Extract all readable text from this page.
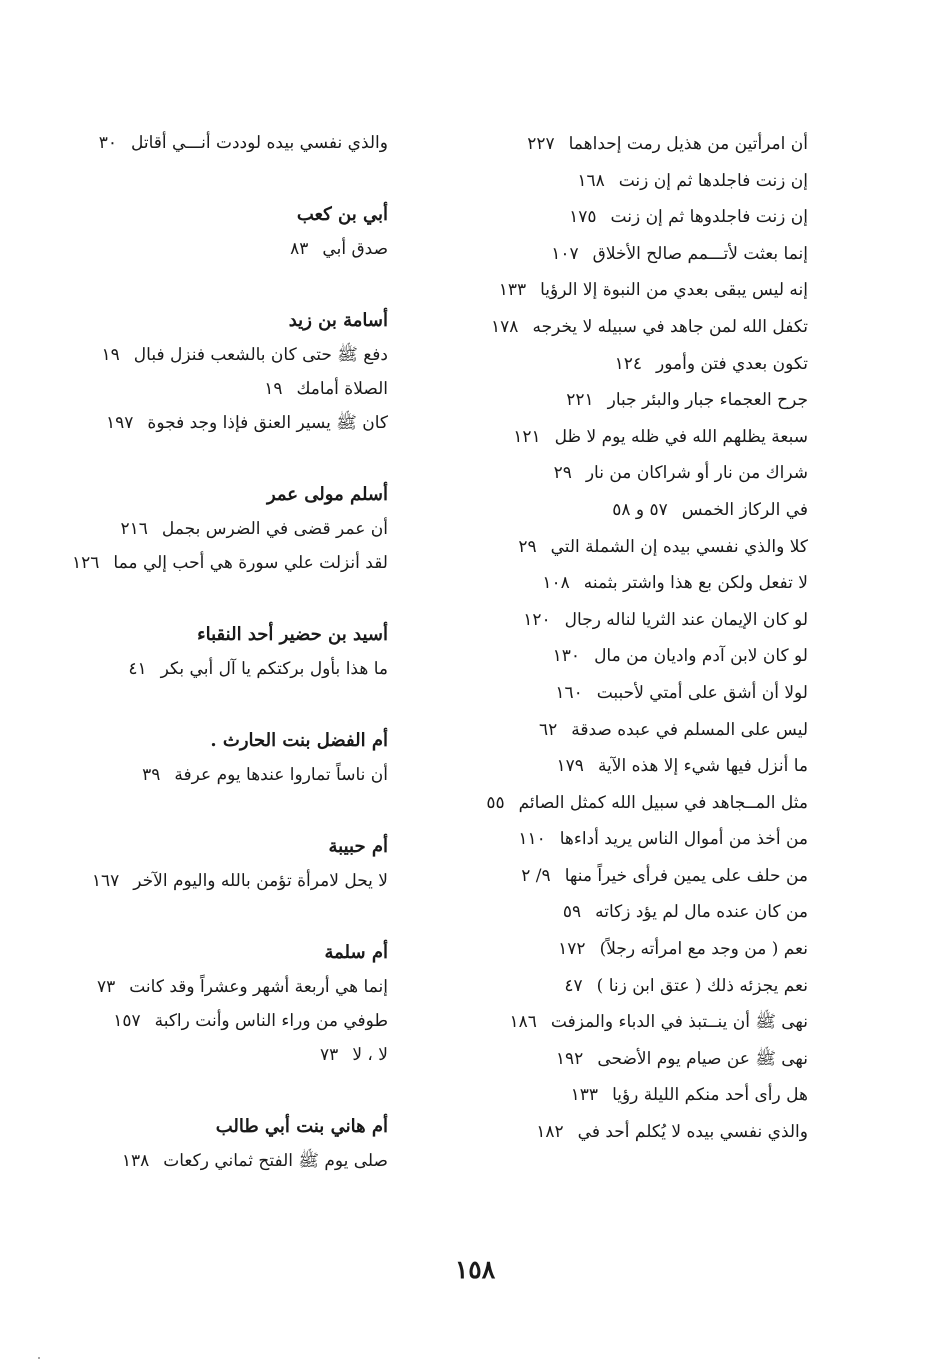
أن امرأتين من هذيل رمت إحداهما٢٢٧
إن زنت فاجلدها ثم إن زنت١٦٨
إن زنت فاجلدوها ثم إن زنت١٧٥
إنما بعثت لأتـــمم صالح الأخلاق١٠٧
إنه ليس يبقى بعدي من النبوة إلا الرؤيا١٣٣
تكفل الله لمن جاهد في سبيله لا يخرجه١٧٨
تكون بعدي فتن وأمور١٢٤
جرح العجماء جبار والبئر جبار٢٢١
سبعة يظلهم الله في ظله يوم لا ظل١٢١
شراك من نار أو شراكان من نار٢٩
في الركاز الخمس٥٧ و ٥٨
كلا والذي نفسي بيده إن الشملة التي٢٩
لا تفعل ولكن بع هذا واشتر بثمنه١٠٨
لو كان الإيمان عند الثريا لناله رجال١٢٠
لو كان لابن آدم واديان من مال١٣٠
لولا أن أشق على أمتي لأحببت١٦٠
ليس على المسلم في عبده صدقة٦٢
ما أنزل فيها شيء إلا هذه الآية١٧٩
مثل المــجاهد في سبيل الله كمثل الصائم٥٥
من أخذ من أموال الناس يريد أداءها١١٠
من حلف على يمين فرأى خيراً منها٩/ ٢
من كان عنده مال لم يؤد زكاته٥٩
نعم ( من وجد مع امرأته رجلاً)١٧٢
نعم يجزئه ذلك ( عتق ابن زنا )٤٧
نهى ﷺ أن ينــتبذ في الدباء والمزفت١٨٦
نهى ﷺ عن صيام يوم الأضحى١٩٢
هل رأى أحد منكم الليلة رؤيا١٣٣
والذي نفسي بيده لا يُكلم أحد في١٨٢
والذي نفسي بيده لوددت أنـــي أقاتل٣٠
أبي بن كعب
صدق أبي٨٣
أسامة بن زيد
دفع ﷺ حتى كان بالشعب فنزل فبال١٩
الصلاة أمامك١٩
كان ﷺ يسير العنق فإذا وجد فجوة١٩٧
أسلم مولى عمر
أن عمر قضى في الضرس بجمل٢١٦
لقد أنزلت علي سورة هي أحب إلي مما١٢٦
أسيد بن حضير أحد النقباء
ما هذا بأول بركتكم يا آل أبي بكر٤١
أم الفضل بنت الحارث .
أن ناساً تماروا عندها يوم عرفة٣٩
أم حبيبة
لا يحل لامرأة تؤمن بالله واليوم الآخر١٦٧
أم سلمة
إنما هي أربعة أشهر وعشراً وقد كانت٧٣
طوفي من وراء الناس وأنت راكبة١٥٧
لا ، لا٧٣
أم هاني بنت أبي طالب
صلى يوم ﷺ الفتح ثماني ركعات١٣٨
١٥٨
